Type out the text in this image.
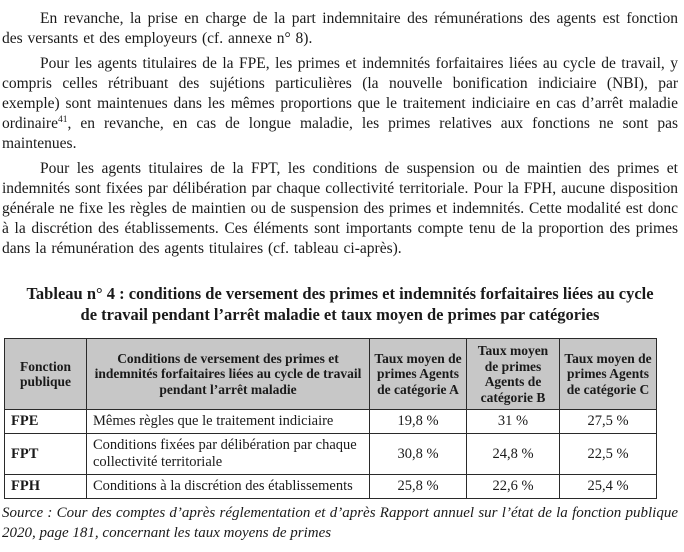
En revanche, la prise en charge de la part indemnitaire des rémunérations des agents est fonction des versants et des employeurs (cf. annexe n° 8).

Pour les agents titulaires de la FPE, les primes et indemnités forfaitaires liées au cycle de travail, y compris celles rétribuant des sujétions particulières (la nouvelle bonification indiciaire (NBI), par exemple) sont maintenues dans les mêmes proportions que le traitement indiciaire en cas d’arrêt maladie ordinaire$^{41}$, en revanche, en cas de longue maladie, les primes relatives aux fonctions ne sont pas maintenues.

Pour les agents titulaires de la FPT, les conditions de suspension ou de maintien des primes et indemnités sont fixées par délibération par chaque collectivité territoriale. Pour la FPH, aucune disposition générale ne fixe les règles de maintien ou de suspension des primes et indemnités. Cette modalité est donc à la discrétion des établissements. Ces éléments sont importants compte tenu de la proportion des primes dans la rémunération des agents titulaires (cf. tableau ci-après).

Tableau n° 4 : conditions de versement des primes et indemnités forfaitaires liées au cycle de travail pendant l’arrêt maladie et taux moyen de primes par catégories
Fonction publique	Conditions de versement des primes et indemnités forfaitaires liées au cycle de travail pendant l’arrêt maladie	Taux moyen de primes Agents de catégorie A	Taux moyen de primes Agents de catégorie B	Taux moyen de primes Agents de catégorie C
FPE	Mêmes règles que le traitement indiciaire	19,8 %	31 %	27,5 %
FPT	Conditions fixées par délibération par chaque collectivité territoriale	30,8 %	24,8 %	22,5 %
FPH	Conditions à la discrétion des établissements	25,8 %	22,6 %	25,4 %

Source : Cour des comptes d’après réglementation et d’après Rapport annuel sur l’état de la fonction publique 2020, page 181, concernant les taux moyens de primes
